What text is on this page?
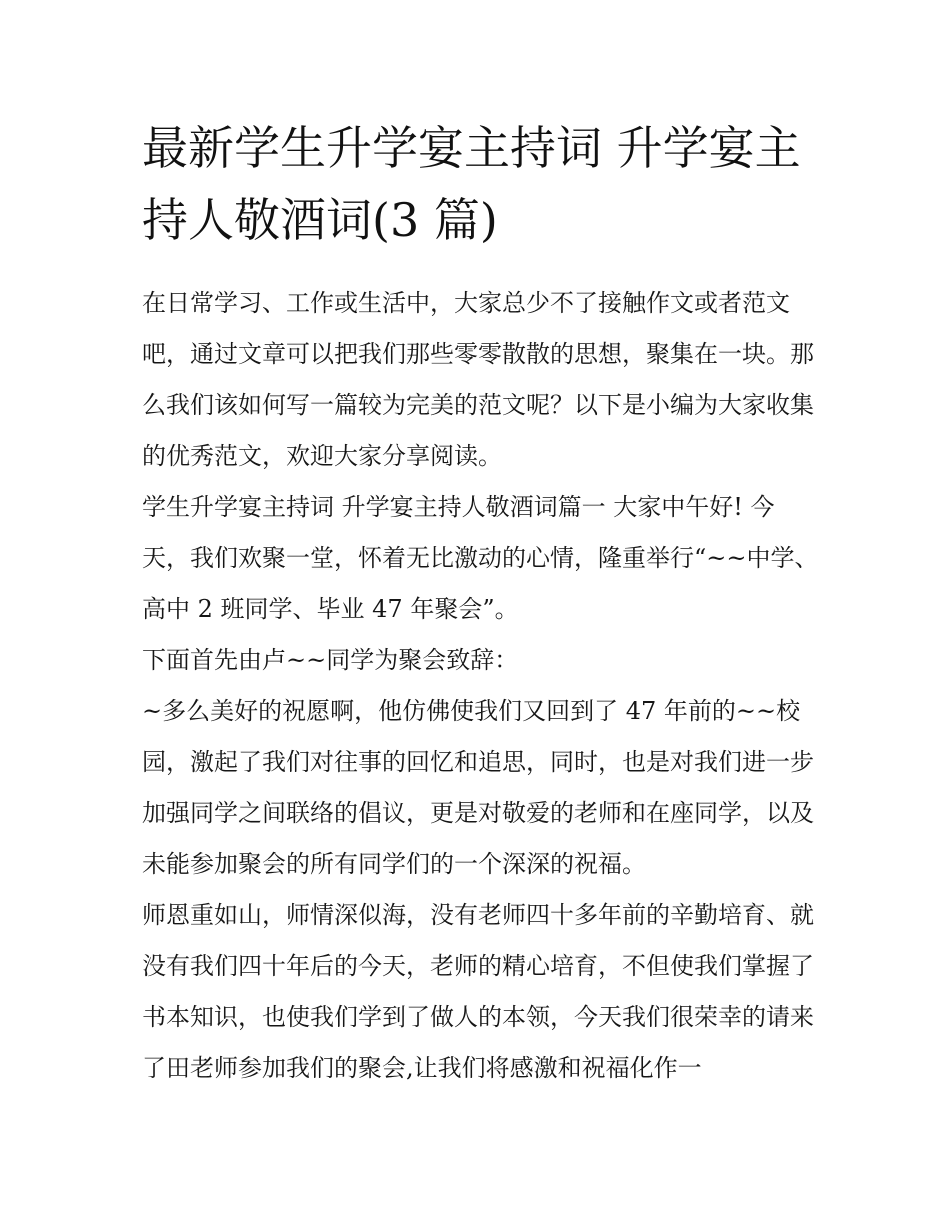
最新学生升学宴主持词 升学宴主持人敬酒词(3 篇)

在日常学习、工作或生活中，大家总少不了接触作文或者范文吧，通过文章可以把我们那些零零散散的思想，聚集在一块。那么我们该如何写一篇较为完美的范文呢？以下是小编为大家收集的优秀范文，欢迎大家分享阅读。

学生升学宴主持词 升学宴主持人敬酒词篇一 大家中午好! 今天，我们欢聚一堂，怀着无比激动的心情，隆重举行“~~中学、高中 2 班同学、毕业 47 年聚会”。

下面首先由卢~~同学为聚会致辞：

~多么美好的祝愿啊，他仿佛使我们又回到了 47 年前的~~校园，激起了我们对往事的回忆和追思，同时，也是对我们进一步加强同学之间联络的倡议，更是对敬爱的老师和在座同学，以及未能参加聚会的所有同学们的一个深深的祝福。

师恩重如山，师情深似海，没有老师四十多年前的辛勤培育、就没有我们四十年后的今天，老师的精心培育，不但使我们掌握了书本知识，也使我们学到了做人的本领，今天我们很荣幸的请来了田老师参加我们的聚会,让我们将感激和祝福化作一
